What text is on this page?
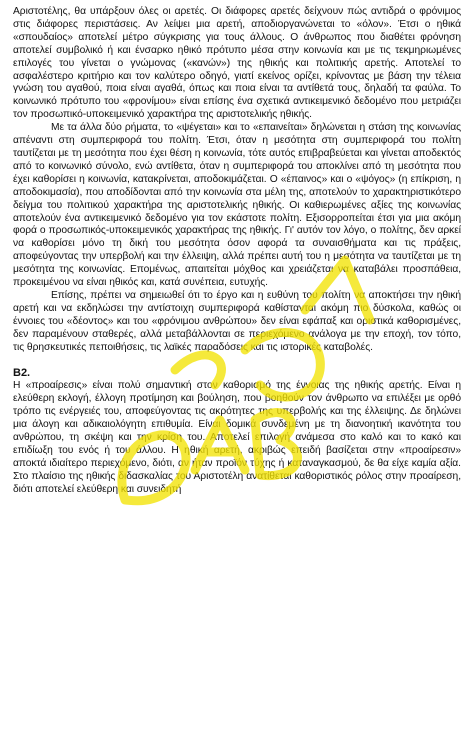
Αριστοτέλης, θα υπάρξουν όλες οι αρετές. Οι διάφορες αρετές δείχνουν πώς αντιδρά ο φρόνιμος στις διάφορες περιστάσεις. Αν λείψει μια αρετή, αποδιοργανώνεται το «όλον». Έτσι ο ηθικά «σπουδαίος» αποτελεί μέτρο σύγκρισης για τους άλλους. Ο άνθρωπος που διαθέτει φρόνηση αποτελεί συμβολικό ή και ένσαρκο ηθικό πρότυπο μέσα στην κοινωνία και με τις τεκμηριωμένες επιλογές του γίνεται ο γνώμονας («κανών») της ηθικής και πολιτικής αρετής. Αποτελεί το ασφαλέστερο κριτήριο και τον καλύτερο οδηγό, γιατί εκείνος ορίζει, κρίνοντας με βάση την τέλεια γνώση του αγαθού, ποια είναι αγαθά, όπως και ποια είναι τα αντίθετά τους, δηλαδή τα φαύλα. Το κοινωνικό πρότυπο του «φρονίμου» είναι επίσης ένα σχετικά αντικειμενικό δεδομένο που μετριάζει τον προσωπικό-υποκειμενικό χαρακτήρα της αριστοτελικής ηθικής.

Με τα άλλα δύο ρήματα, το «ψέγεται» και το «επαινείται» δηλώνεται η στάση της κοινωνίας απέναντι στη συμπεριφορά του πολίτη. Έτσι, όταν η μεσότητα στη συμπεριφορά του πολίτη ταυτίζεται με τη μεσότητα που έχει θέση η κοινωνία, τότε αυτός επιβραβεύεται και γίνεται αποδεκτός από το κοινωνικό σύνολο, ενώ αντίθετα, όταν η συμπεριφορά του αποκλίνει από τη μεσότητα που έχει καθορίσει η κοινωνία, κατακρίνεται, αποδοκιμάζεται. Ο «έπαινος» και ο «ψόγος» (η επίκριση, η αποδοκιμασία), που αποδίδονται από την κοινωνία στα μέλη της, αποτελούν το χαρακτηριστικότερο δείγμα του πολιτικού χαρακτήρα της αριστοτελικής ηθικής. Οι καθιερωμένες αξίες της κοινωνίας αποτελούν ένα αντικειμενικό δεδομένο για τον εκάστοτε πολίτη. Εξισορροπείται έτσι για μια ακόμη φορά ο προσωπικός-υποκειμενικός χαρακτήρας της ηθικής. Γι' αυτόν τον λόγο, ο πολίτης, δεν αρκεί να καθορίσει μόνο τη δική του μεσότητα όσον αφορά τα συναισθήματα και τις πράξεις, αποφεύγοντας την υπερβολή και την έλλειψη, αλλά πρέπει αυτή του η μεσότητα να ταυτίζεται με τη μεσότητα της κοινωνίας. Επομένως, απαιτείται μόχθος και χρειάζεται να καταβάλει προσπάθεια, προκειμένου να είναι ηθικός και, κατά συνέπεια, ευτυχής.

Επίσης, πρέπει να σημειωθεί ότι το έργο και η ευθύνη του πολίτη να αποκτήσει την ηθική αρετή και να εκδηλώσει την αντίστοιχη συμπεριφορά καθίστανται ακόμη πιο δύσκολα, καθώς οι έννοιες του «δέοντος» και του «φρόνιμου ανθρώπου» δεν είναι εφάπαξ και οριστικά καθορισμένες, δεν παραμένουν σταθερές, αλλά μεταβάλλονται σε περιεχόμενο ανάλογα με την εποχή, τον τόπο, τις θρησκευτικές πεποιθήσεις, τις λαϊκές παραδόσεις και τις ιστορικές καταβολές.

Β2.

Η «προαίρεσις» είναι πολύ σημαντική στον καθορισμό της έννοιας της ηθικής αρετής. Είναι η ελεύθερη εκλογή, έλλογη προτίμηση και βούληση, που βοηθούν τον άνθρωπο να επιλέξει με ορθό τρόπο τις ενέργειές του, αποφεύγοντας τις ακρότητες της υπερβολής και της έλλειψης. Δε δηλώνει μια άλογη και αδικαιολόγητη επιθυμία. Είναι δομικά συνδεμένη με τη διανοητική ικανότητα του ανθρώπου, τη σκέψη και την κρίση του. Αποτελεί επιλογή ανάμεσα στο καλό και το κακό και επιδίωξη του ενός ή του άλλου. Η ηθική αρετή, ακριβώς επειδή βασίζεται στην «προαίρεσιν» αποκτά ιδιαίτερο περιεχόμενο, διότι, αν ήταν προϊόν τύχης ή καταναγκασμού, δε θα είχε καμία αξία. Στο πλαίσιο της ηθικής διδασκαλίας του Αριστοτέλη ανατίθεται καθοριστικός ρόλος στην προαίρεση, διότι αποτελεί ελεύθερη και συνειδητή
